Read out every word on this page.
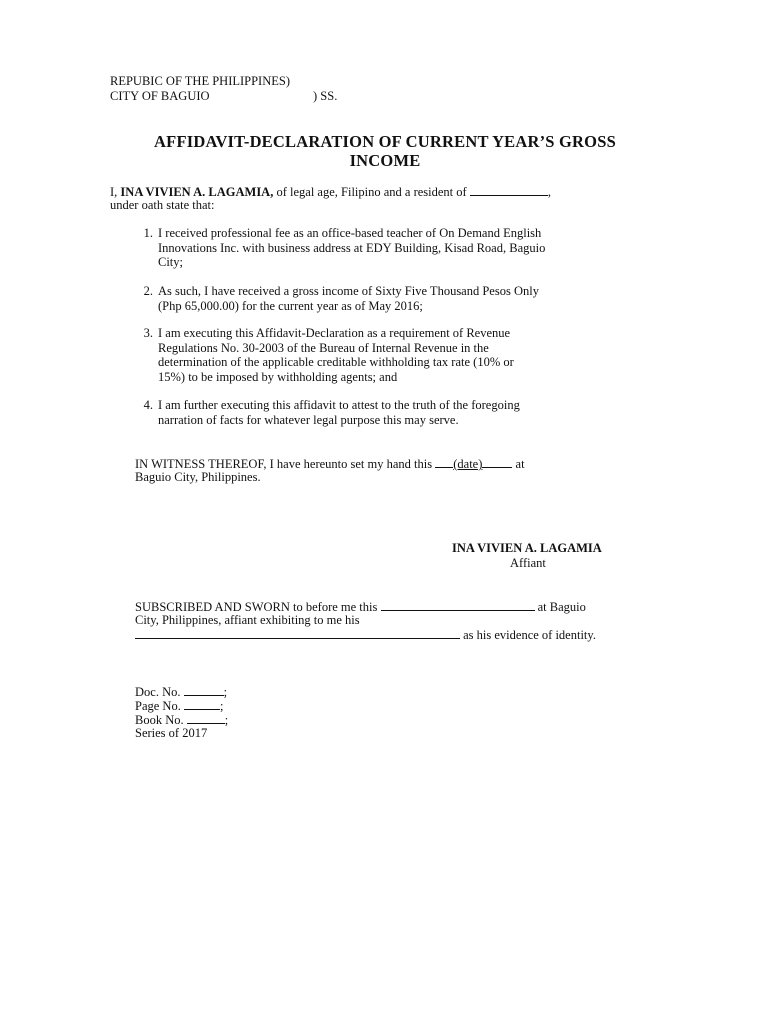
REPUBIC OF THE PHILIPPINES)

CITY OF BAGUIO	) SS.

AFFIDAVIT-DECLARATION OF CURRENT YEAR’S GROSS

INCOME

I, INA VIVIEN A. LAGAMIA, of legal age, Filipino and a resident of	,

under oath state that:

1. I received professional fee as an office-based teacher of On Demand English
Innovations Inc. with business address at EDY Building, Kisad Road, Baguio
City;
2. As such, I have received a gross income of Sixty Five Thousand Pesos Only
(Php 65,000.00) for the current year as of May 2016;
3. I am executing this Affidavit-Declaration as a requirement of Revenue
Regulations No. 30-2003 of the Bureau of Internal Revenue in the
determination of the applicable creditable withholding tax rate (10% or
15%) to be imposed by withholding agents; and
4. I am further executing this affidavit to attest to the truth of the foregoing
narration of facts for whatever legal purpose this may serve.

IN WITNESS THEREOF, I have hereunto set my hand this (date) at

Baguio City, Philippines.

INA VIVIEN A. LAGAMIA

Affiant

SUBSCRIBED AND SWORN to before me this	at Baguio

City, Philippines, affiant exhibiting to me his

as his evidence of identity.

Doc. No.	;

Page No.	;

Book No.	;

Series of 2017
